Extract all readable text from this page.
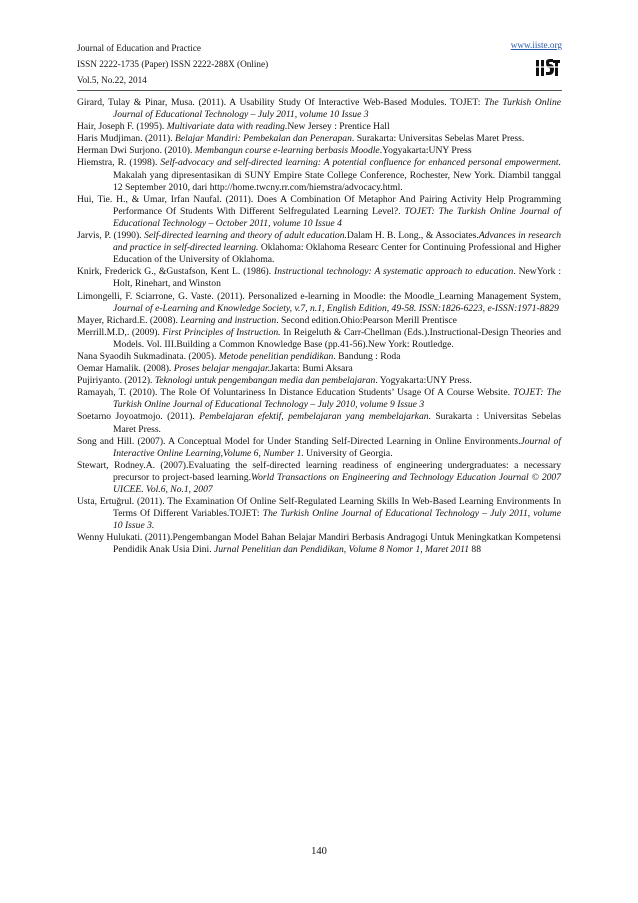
Journal of Education and Practice
ISSN 2222-1735 (Paper) ISSN 2222-288X (Online)
Vol.5, No.22, 2014
www.iiste.org

Girard, Tulay & Pinar, Musa. (2011). A Usability Study Of Interactive Web-Based Modules. TOJET: The Turkish Online Journal of Educational Technology – July 2011, volume 10 Issue 3

Hair, Joseph F. (1995). Multivariate data with reading.New Jersey : Prentice Hall

Haris Mudjiman. (2011). Belajar Mandiri: Pembekalan dan Penerapan. Surakarta: Universitas Sebelas Maret Press.

Herman Dwi Surjono. (2010). Membangun course e-learning berbasis Moodle.Yogyakarta:UNY Press

Hiemstra, R. (1998). Self-advocacy and self-directed learning: A potential confluence for enhanced personal empowerment. Makalah yang dipresentasikan di SUNY Empire State College Conference, Rochester, New York. Diambil tanggal 12 September 2010, dari http://home.twcny.rr.com/hiemstra/advocacy.html.

Hui, Tie. H., & Umar, Irfan Naufal. (2011). Does A Combination Of Metaphor And Pairing Activity Help Programming Performance Of Students With Different Selfregulated Learning Level?. TOJET: The Turkish Online Journal of Educational Technology – October 2011, volume 10 Issue 4

Jarvis, P. (1990). Self-directed learning and theory of adult education.Dalam H. B. Long., & Associates.Advances in research and practice in self-directed learning. Oklahoma: Oklahoma Researc Center for Continuing Professional and Higher Education of the University of Oklahoma.

Knirk, Frederick G., &Gustafson, Kent L. (1986). Instructional technology: A systematic approach to education. NewYork : Holt, Rinehart, and Winston

Limongelli, F. Sciarrone, G. Vaste. (2011). Personalized e-learning in Moodle: the Moodle_Learning Management System, Journal of e-Learning and Knowledge Society, v.7, n.1, English Edition, 49-58. ISSN:1826-6223, e-ISSN:1971-8829

Mayer, Richard.E. (2008). Learning and instruction. Second edition.Ohio:Pearson Merill Prentisce

Merrill.M.D,. (2009). First Principles of Instruction. In Reigeluth & Carr-Chellman (Eds.).Instructional-Design Theories and Models. Vol. III.Building a Common Knowledge Base (pp.41-56).New York: Routledge.

Nana Syaodih Sukmadinata. (2005). Metode penelitian pendidikan. Bandung : Roda

Oemar Hamalik. (2008). Proses belajar mengajar.Jakarta: Bumi Aksara

Pujiriyanto. (2012). Teknologi untuk pengembangan media dan pembelajaran. Yogyakarta:UNY Press.

Ramayah, T. (2010). The Role Of Voluntariness In Distance Education Students’ Usage Of A Course Website. TOJET: The Turkish Online Journal of Educational Technology – July 2010, volume 9 Issue 3

Soetarno Joyoatmojo. (2011). Pembelajaran efektif, pembelajaran yang membelajarkan. Surakarta : Universitas Sebelas Maret Press.

Song and Hill. (2007). A Conceptual Model for Under Standing Self-Directed Learning in Online Environments.Journal of Interactive Online Learning,Volume 6, Number 1. University of Georgia.

Stewart, Rodney.A. (2007).Evaluating the self-directed learning readiness of engineering undergraduates: a necessary precursor to project-based learning.World Transactions on Engineering and Technology Education Journal © 2007 UICEE. Vol.6, No.1, 2007

Usta, Ertuğrul. (2011). The Examination Of Online Self-Regulated Learning Skills In Web-Based Learning Environments In Terms Of Different Variables.TOJET: The Turkish Online Journal of Educational Technology – July 2011, volume 10 Issue 3.

Wenny Hulukati. (2011).Pengembangan Model Bahan Belajar Mandiri Berbasis Andragogi Untuk Meningkatkan Kompetensi Pendidik Anak Usia Dini. Jurnal Penelitian dan Pendidikan, Volume 8 Nomor 1, Maret 2011 88

140
